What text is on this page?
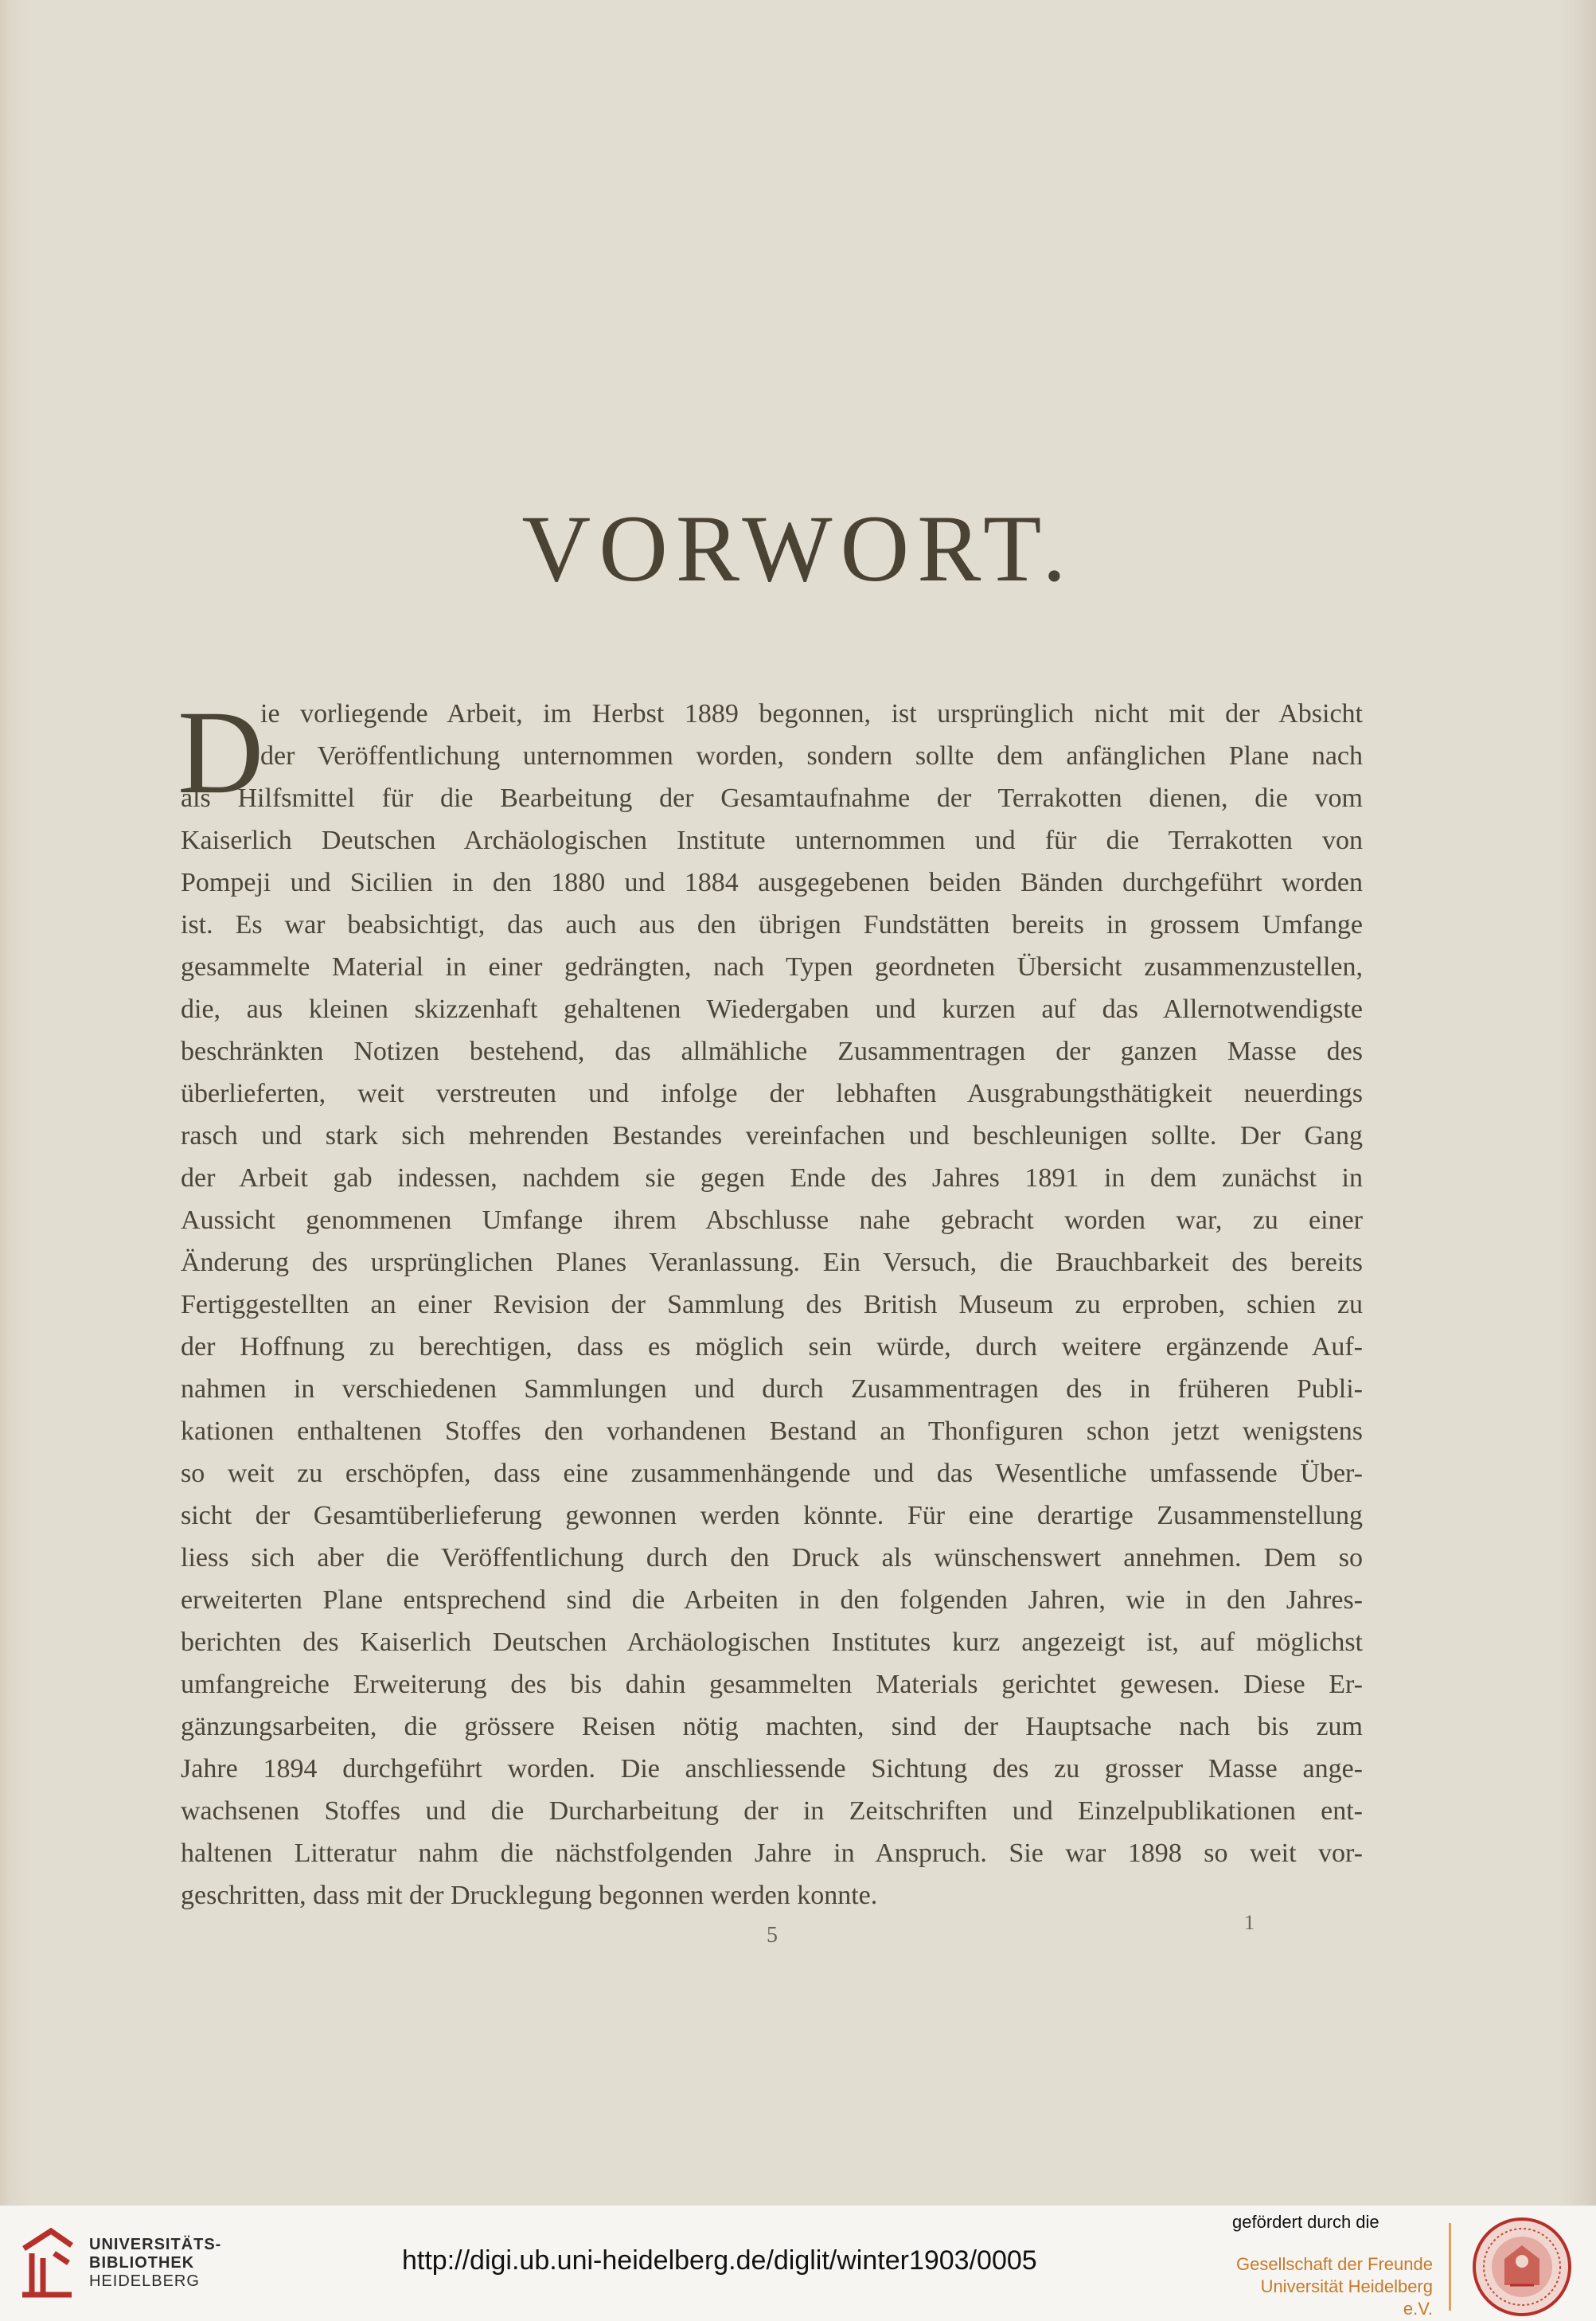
VORWORT.
D
ie vorliegende Arbeit, im Herbst 1889 begonnen, ist ursprünglich nicht mit der Absicht
der Veröffentlichung unternommen worden, sondern sollte dem anfänglichen Plane nach
als Hilfsmittel für die Bearbeitung der Gesamtaufnahme der Terrakotten dienen, die vom
Kaiserlich Deutschen Archäologischen Institute unternommen und für die Terrakotten von
Pompeji und Sicilien in den 1880 und 1884 ausgegebenen beiden Bänden durchgeführt worden
ist. Es war beabsichtigt, das auch aus den übrigen Fundstätten bereits in grossem Umfange
gesammelte Material in einer gedrängten, nach Typen geordneten Übersicht zusammenzustellen,
die, aus kleinen skizzenhaft gehaltenen Wiedergaben und kurzen auf das Allernotwendigste
beschränkten Notizen bestehend, das allmähliche Zusammentragen der ganzen Masse des
überlieferten, weit verstreuten und infolge der lebhaften Ausgrabungsthätigkeit neuerdings
rasch und stark sich mehrenden Bestandes vereinfachen und beschleunigen sollte. Der Gang
der Arbeit gab indessen, nachdem sie gegen Ende des Jahres 1891 in dem zunächst in
Aussicht genommenen Umfange ihrem Abschlusse nahe gebracht worden war, zu einer
Änderung des ursprünglichen Planes Veranlassung. Ein Versuch, die Brauchbarkeit des bereits
Fertiggestellten an einer Revision der Sammlung des British Museum zu erproben, schien zu
der Hoffnung zu berechtigen, dass es möglich sein würde, durch weitere ergänzende Auf-
nahmen in verschiedenen Sammlungen und durch Zusammentragen des in früheren Publi-
kationen enthaltenen Stoffes den vorhandenen Bestand an Thonfiguren schon jetzt wenigstens
so weit zu erschöpfen, dass eine zusammenhängende und das Wesentliche umfassende Über-
sicht der Gesamtüberlieferung gewonnen werden könnte. Für eine derartige Zusammenstellung
liess sich aber die Veröffentlichung durch den Druck als wünschenswert annehmen. Dem so
erweiterten Plane entsprechend sind die Arbeiten in den folgenden Jahren, wie in den Jahres-
berichten des Kaiserlich Deutschen Archäologischen Institutes kurz angezeigt ist, auf möglichst
umfangreiche Erweiterung des bis dahin gesammelten Materials gerichtet gewesen. Diese Er-
gänzungsarbeiten, die grössere Reisen nötig machten, sind der Hauptsache nach bis zum
Jahre 1894 durchgeführt worden. Die anschliessende Sichtung des zu grosser Masse ange-
wachsenen Stoffes und die Durcharbeitung der in Zeitschriften und Einzelpublikationen ent-
haltenen Litteratur nahm die nächstfolgenden Jahre in Anspruch. Sie war 1898 so weit vor-
geschritten, dass mit der Drucklegung begonnen werden konnte.
5
1
UNIVERSITÄTS-
BIBLIOTHEK
HEIDELBERG
http://digi.ub.uni-heidelberg.de/diglit/winter1903/0005
gefördert durch die
Gesellschaft der Freunde
Universität Heidelberg e.V.
